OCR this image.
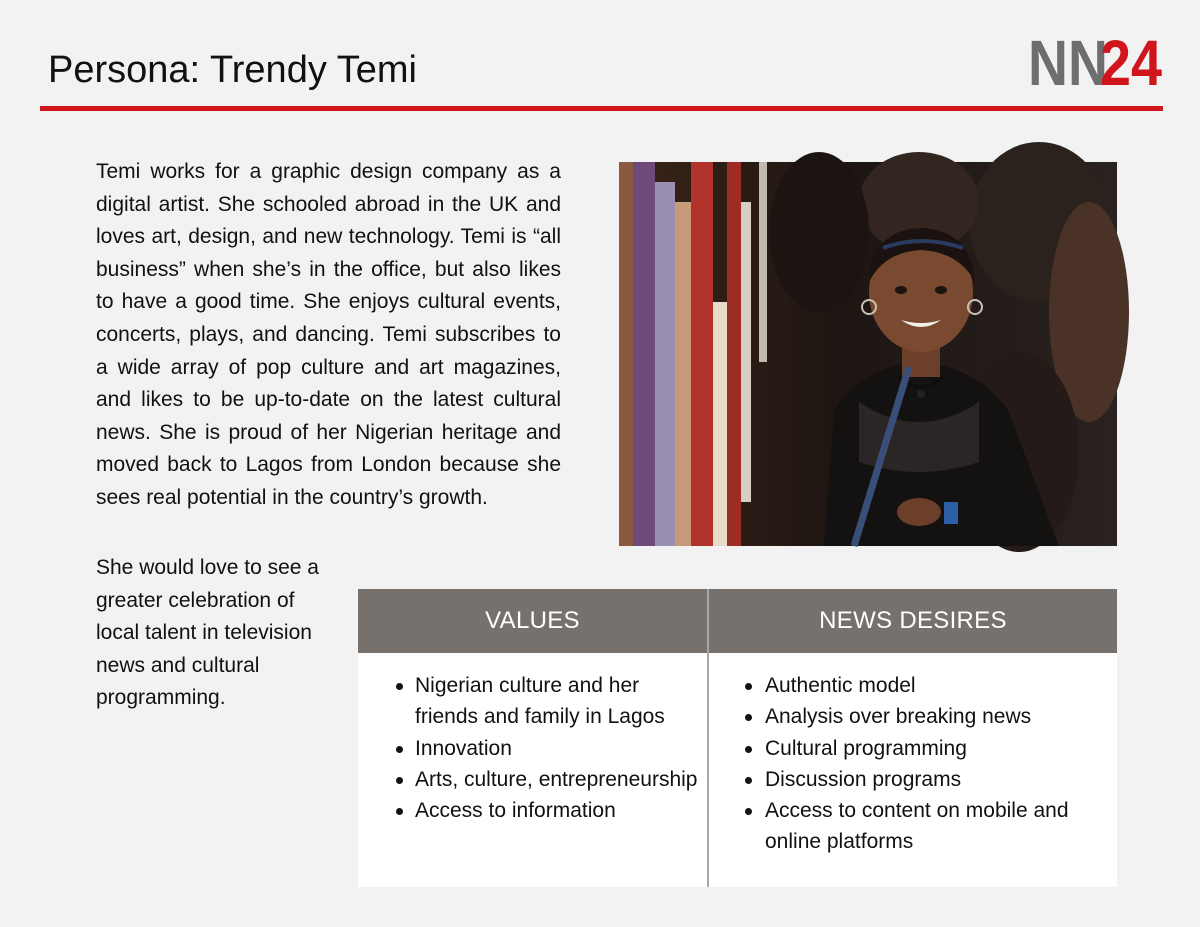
Persona: Trendy Temi	NN
24

Temi works for a graphic design company as a digital artist. She schooled abroad in the UK and loves art, design, and new technology. Temi is “all business” when she’s in the office, but also likes to have a good time. She enjoys cultural events, concerts, plays, and dancing. Temi subscribes to a wide array of pop culture and art magazines, and likes to be up-to-date on the latest cultural news. She is proud of her Nigerian heritage and moved back to Lagos from London because she sees real potential in the country’s growth.

She would love to see a greater celebration of local talent in television news and cultural programming.

VALUES
Nigerian culture and her friends and family in Lagos
Innovation
Arts, culture, entrepreneurship
Access to information
NEWS DESIRES
Authentic model
Analysis over breaking news
Cultural programming
Discussion programs
Access to content on mobile and online platforms
